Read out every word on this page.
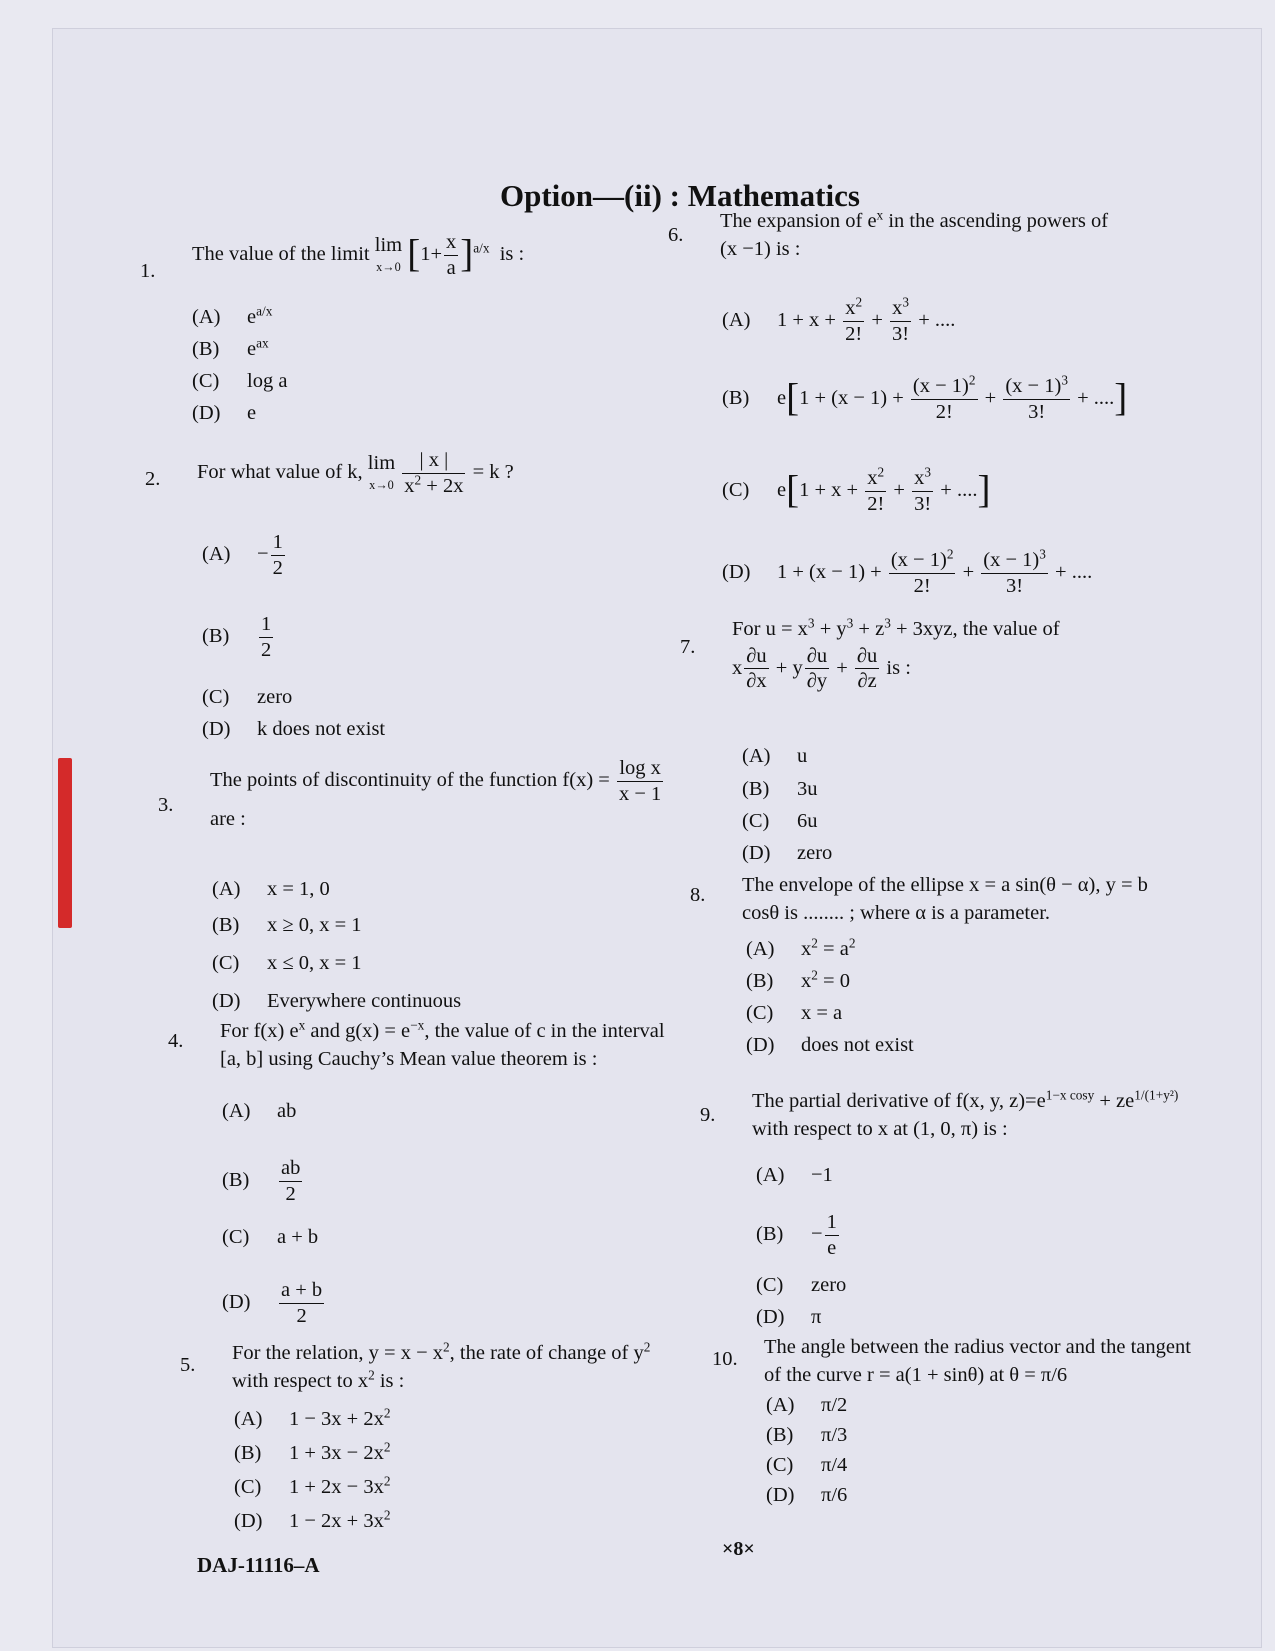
Option—(ii) : Mathematics
1.
The value of the limit lim
x→0 $[1+ \frac{x}{a} ]^{a/x}$  is :
(A) $e^{a/x}$
(B) $e^{ax}$
(C) log a
(D) e
2. For what value of k, lim
$x\to 0 \frac{| x |}{x^2 + 2x} = k$ ?
$(A) - \frac{1}{2}$
$(B) \frac{1}{2}$
(C) zero
(D) k does not exist
3.
The points of discontinuity of the function $f(x) = \frac{\text{log x}}{x - 1}$

are :
(A) x = 1, 0
(B) x ≥ 0, x = 1
(C) x ≤ 0, x = 1
(D) Everywhere continuous
4. For f(x) $e^x$ and $g(x) = e^{-x}$, the value of c in the interval
[a, b] using Cauchy’s Mean value theorem is :
(A) ab
$(B) \frac{ab}{2}$
(C) a + b
$(D) \frac{a + b}{2}$
5.
For the relation, $y = x - x^2$, the rate of change of $y^2$
with respect to $x^2$ is :
(A) $1 - 3x + 2x^2$
(B) $1 + 3x - 2x^2$
(C) $1 + 2x - 3x^2$
(D) $1 - 2x + 3x^2$
6.
The expansion of $e^x$ in the ascending powers of
(x −1) is :
(A) $1 + x + \frac{x^2}{2!} + \frac{x^3}{3!}$ + ....
(B) $e[1 + (x - 1) + \frac{(x - 1)^2}{2!} + \frac{(x - 1)^3}{3!}$ + ....]
(C) $e[1 + x + \frac{x^2}{2!} + \frac{x^3}{3!}$ + ....]
(D) $1 + (x - 1) + \frac{(x - 1)^2}{2!} + \frac{(x - 1)^3}{3!}$ + ....
7.
For $u = x^3 + y^3 + z^3 + 3xyz$, the value of
x $\frac{\partial u}{\partial x} + y \frac{\partial u}{\partial y} + \frac{\partial u}{\partial z}$ is :
(A) u
(B) 3u
(C) 6u
(D) zero
8. The envelope of the ellipse x = a sin(θ − α), y = b
cosθ is ........ ; where α is a parameter.
(A) $x^2 = a^2$
(B) $x^2 = 0$
(C) x = a
(D) does not exist
9.
The partial derivative of f(x, y, $z)=e^{1-x cosy} + ze^{1/(1+y^2)}$
with respect to x at (1, 0, π) is :
(A) −1
$(B) - \frac{1}{e}$
(C) zero
(D) π
10.
The angle between the radius vector and the tangent
of the curve r = a(1 + sinθ) at θ = π/6
(A) π/2
(B) π/3
(C) π/4
(D) π/6
DAJ-11116–A
×8×
